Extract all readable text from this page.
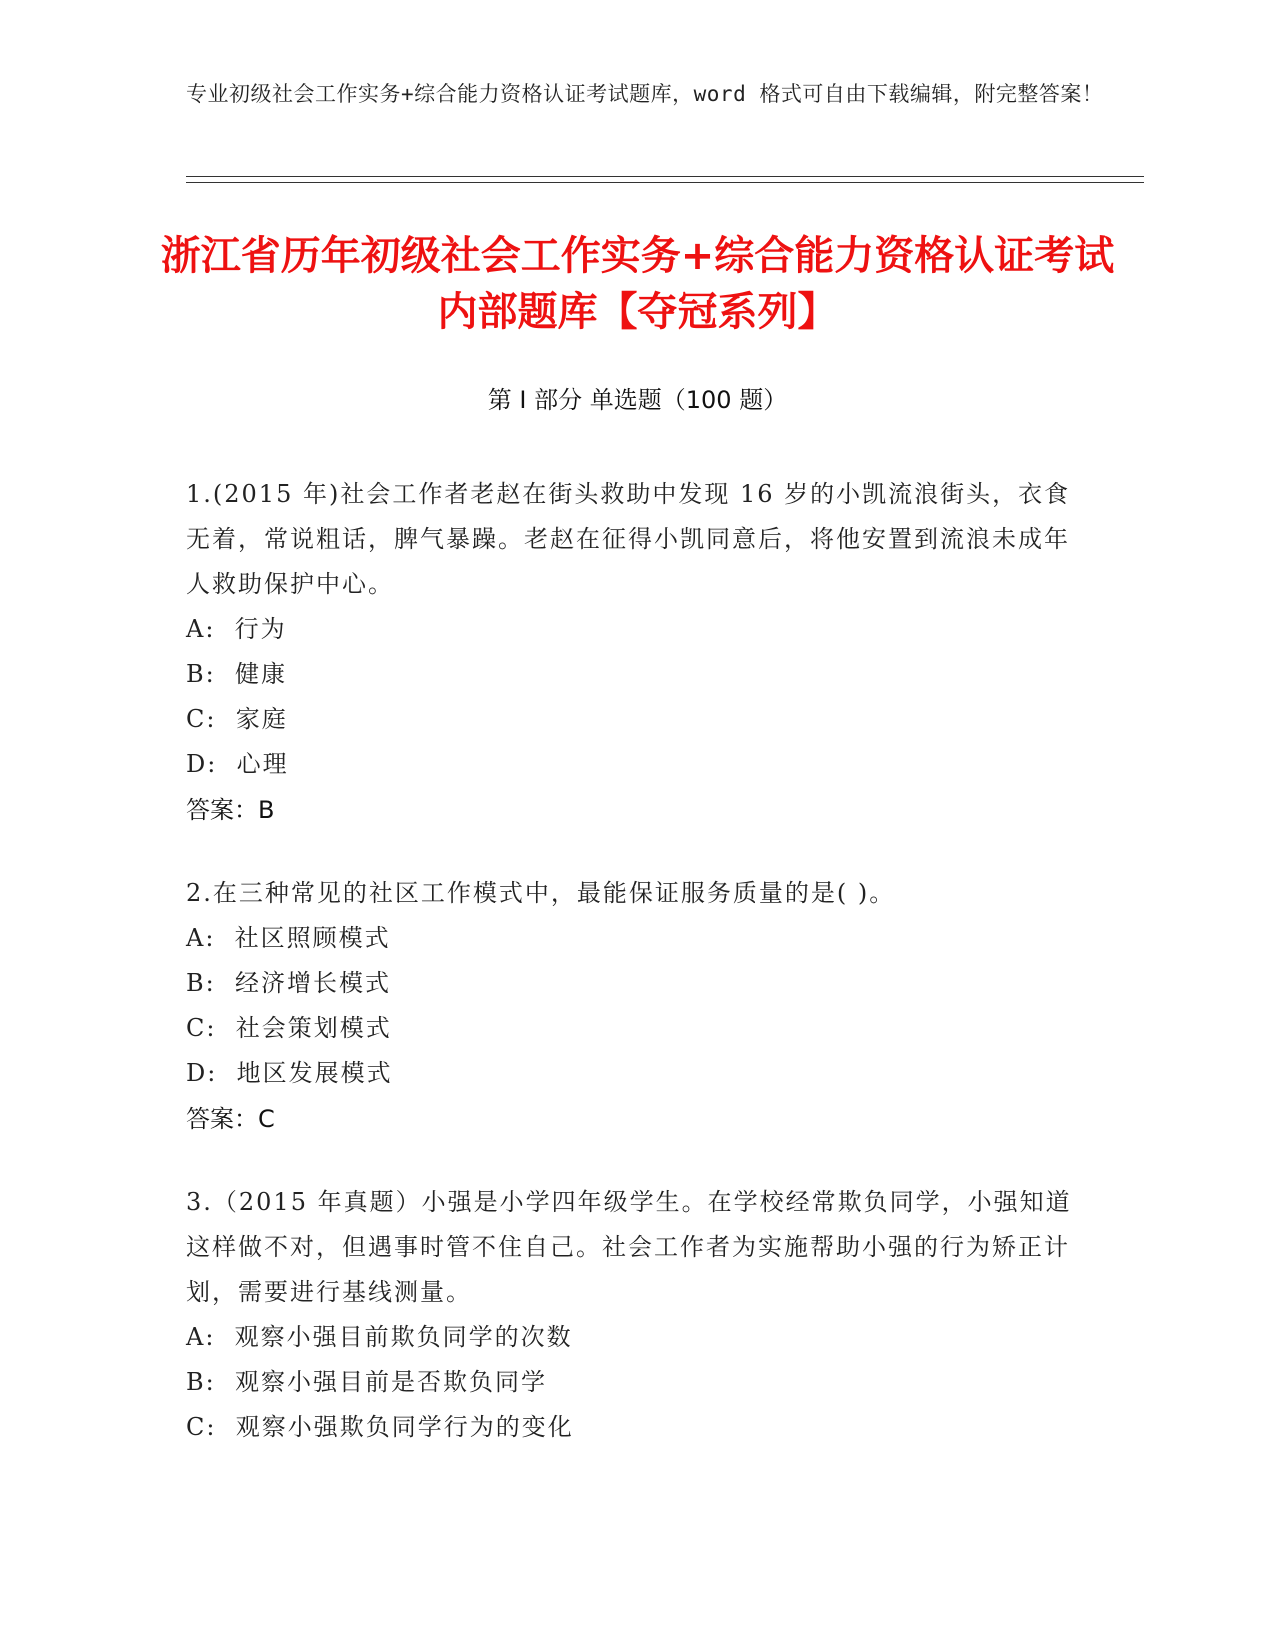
专业初级社会工作实务+综合能力资格认证考试题库，word 格式可自由下载编辑，附完整答案！
浙江省历年初级社会工作实务+综合能力资格认证考试内部题库【夺冠系列】
第 I 部分 单选题（100 题）

1.(2015 年)社会工作者老赵在街头救助中发现 16 岁的小凯流浪街头，衣食无着，常说粗话，脾气暴躁。老赵在征得小凯同意后，将他安置到流浪未成年人救助保护中心。

A:  行为
B:  健康
C:  家庭
D:  心理
答案：B

2.在三种常见的社区工作模式中，最能保证服务质量的是( )。

A:  社区照顾模式
B:  经济增长模式
C:  社会策划模式
D:  地区发展模式
答案：C

3.（2015 年真题）小强是小学四年级学生。在学校经常欺负同学，小强知道这样做不对，但遇事时管不住自己。社会工作者为实施帮助小强的行为矫正计划，需要进行基线测量。

A:  观察小强目前欺负同学的次数
B:  观察小强目前是否欺负同学
C:  观察小强欺负同学行为的变化
